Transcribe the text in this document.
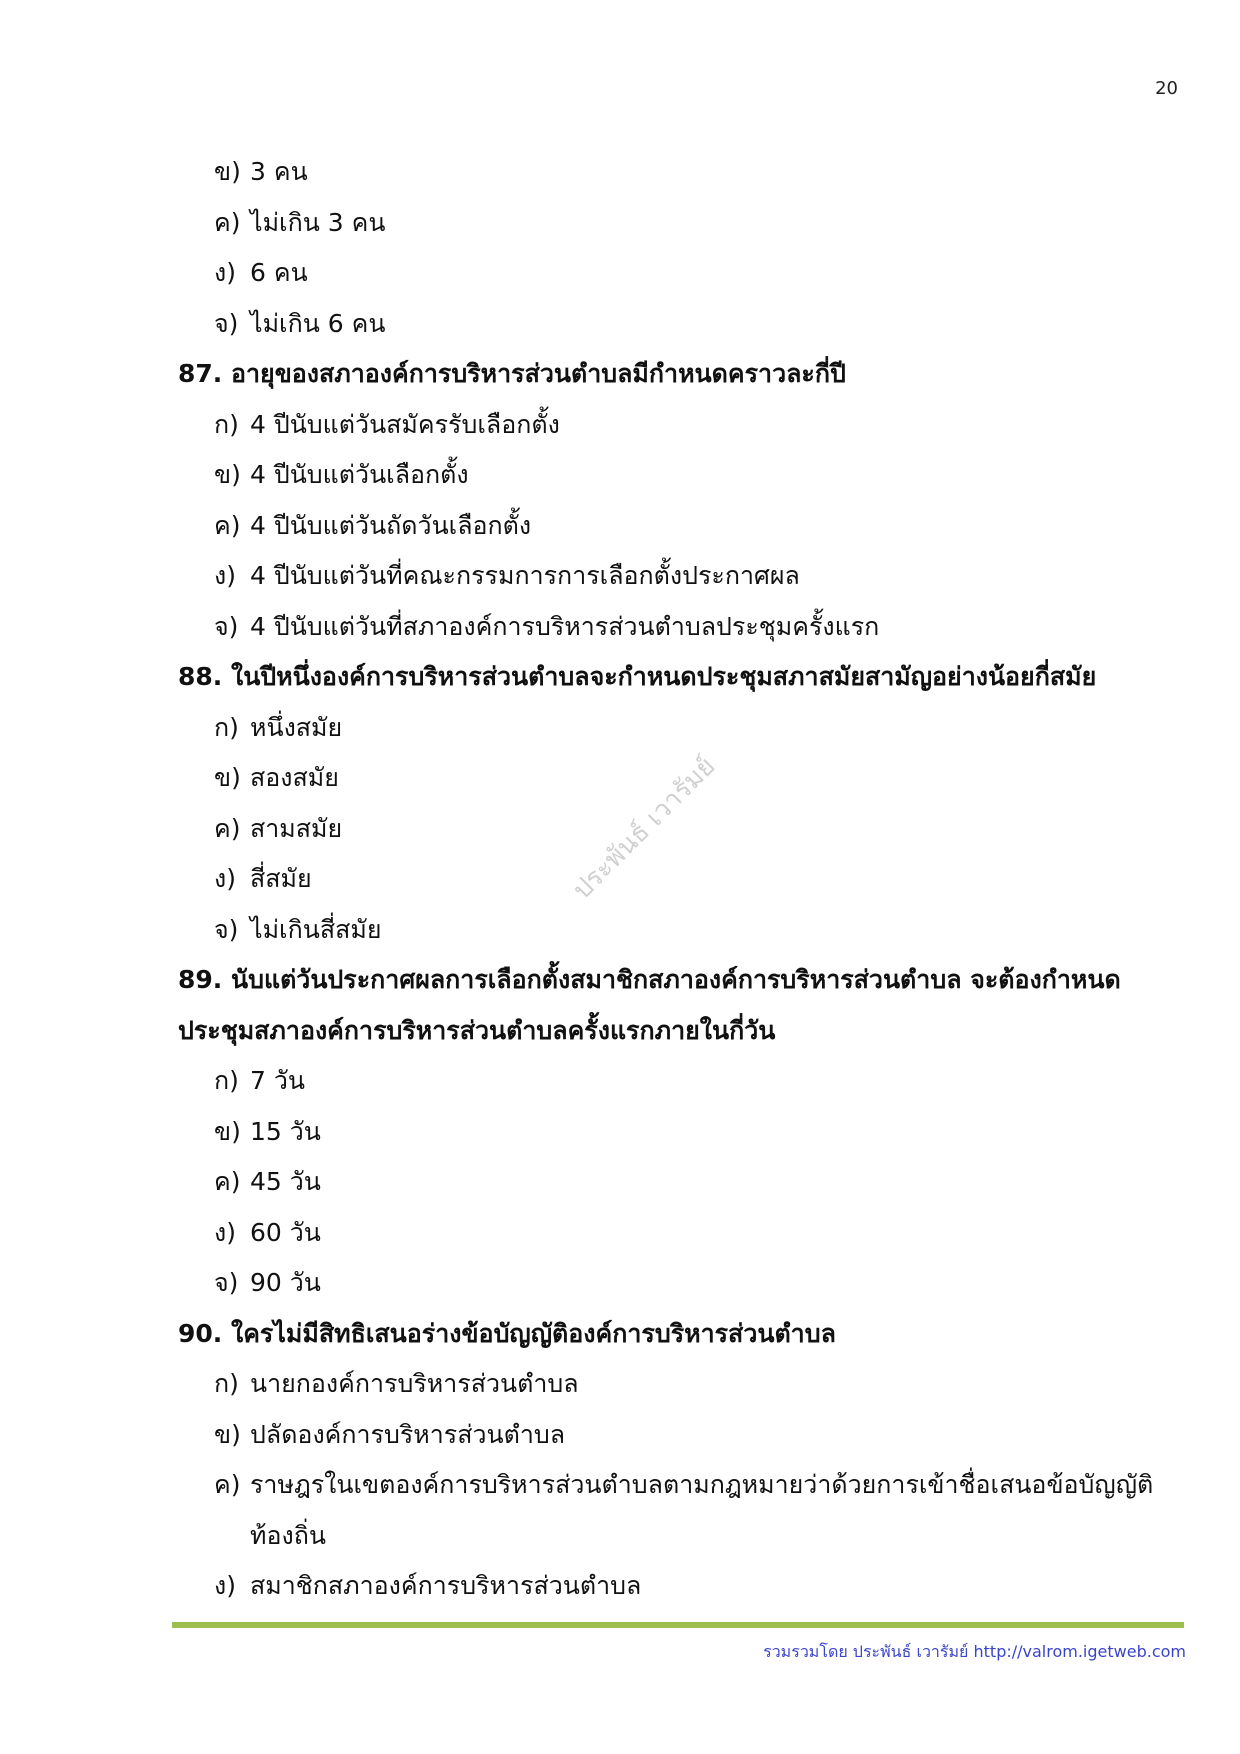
20
ประพันธ์ เวารัมย์
ข) 3 คน
ค) ไม่เกิน 3 คน
ง) 6 คน
จ) ไม่เกิน 6 คน
87. อายุของสภาองค์การบริหารส่วนตำบลมีกำหนดคราวละกี่ปี
ก) 4 ปีนับแต่วันสมัครรับเลือกตั้ง
ข) 4 ปีนับแต่วันเลือกตั้ง
ค) 4 ปีนับแต่วันถัดวันเลือกตั้ง
ง) 4 ปีนับแต่วันที่คณะกรรมการการเลือกตั้งประกาศผล
จ) 4 ปีนับแต่วันที่สภาองค์การบริหารส่วนตำบลประชุมครั้งแรก
88. ในปีหนึ่งองค์การบริหารส่วนตำบลจะกำหนดประชุมสภาสมัยสามัญอย่างน้อยกี่สมัย
ก) หนึ่งสมัย
ข) สองสมัย
ค) สามสมัย
ง) สี่สมัย
จ) ไม่เกินสี่สมัย
89. นับแต่วันประกาศผลการเลือกตั้งสมาชิกสภาองค์การบริหารส่วนตำบล จะต้องกำหนด
ประชุมสภาองค์การบริหารส่วนตำบลครั้งแรกภายในกี่วัน
ก) 7 วัน
ข) 15 วัน
ค) 45 วัน
ง) 60 วัน
จ) 90 วัน
90. ใครไม่มีสิทธิเสนอร่างข้อบัญญัติองค์การบริหารส่วนตำบล
ก) นายกองค์การบริหารส่วนตำบล
ข) ปลัดองค์การบริหารส่วนตำบล
ค) ราษฎรในเขตองค์การบริหารส่วนตำบลตามกฎหมายว่าด้วยการเข้าชื่อเสนอข้อบัญญัติท้องถิ่น
ง) สมาชิกสภาองค์การบริหารส่วนตำบล
รวมรวมโดย ประพันธ์ เวารัมย์ http://valrom.igetweb.com
